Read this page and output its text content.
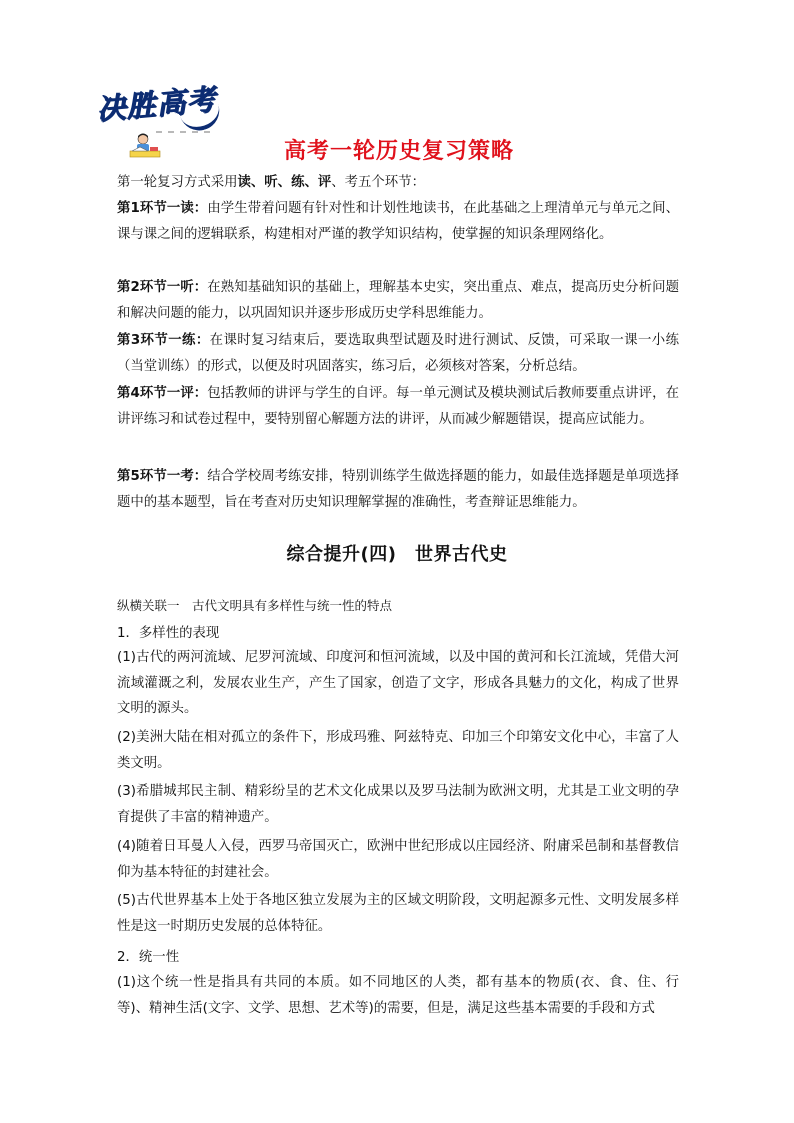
决胜高考
高考一轮历史复习策略

第一轮复习方式采用读、听、练、评、考五个环节：

第1环节一读：由学生带着问题有针对性和计划性地读书，在此基础之上理清单元与单元之间、课与课之间的逻辑联系，构建相对严谨的教学知识结构，使掌握的知识条理网络化。

第2环节一听：在熟知基础知识的基础上，理解基本史实，突出重点、难点，提高历史分析问题和解决问题的能力，以巩固知识并逐步形成历史学科思维能力。

第3环节一练：在课时复习结束后，要选取典型试题及时进行测试、反馈，可采取一课一小练（当堂训练）的形式，以便及时巩固落实，练习后，必须核对答案，分析总结。

第4环节一评：包括教师的讲评与学生的自评。每一单元测试及模块测试后教师要重点讲评，在讲评练习和试卷过程中，要特别留心解题方法的讲评，从而减少解题错误，提高应试能力。

第5环节一考：结合学校周考练安排，特别训练学生做选择题的能力，如最佳选择题是单项选择题中的基本题型，旨在考查对历史知识理解掌握的准确性，考查辩证思维能力。

综合提升(四)　世界古代史
纵横关联一　古代文明具有多样性与统一性的特点
1．多样性的表现

(1)古代的两河流域、尼罗河流域、印度河和恒河流域，以及中国的黄河和长江流域，凭借大河流域灌溉之利，发展农业生产，产生了国家，创造了文字，形成各具魅力的文化，构成了世界文明的源头。

(2)美洲大陆在相对孤立的条件下，形成玛雅、阿兹特克、印加三个印第安文化中心，丰富了人类文明。

(3)希腊城邦民主制、精彩纷呈的艺术文化成果以及罗马法制为欧洲文明，尤其是工业文明的孕育提供了丰富的精神遗产。

(4)随着日耳曼人入侵，西罗马帝国灭亡，欧洲中世纪形成以庄园经济、附庸采邑制和基督教信仰为基本特征的封建社会。

(5)古代世界基本上处于各地区独立发展为主的区域文明阶段，文明起源多元性、文明发展多样性是这一时期历史发展的总体特征。

2．统一性

(1)这个统一性是指具有共同的本质。如不同地区的人类，都有基本的物质(衣、食、住、行等)、精神生活(文字、文学、思想、艺术等)的需要，但是，满足这些基本需要的手段和方式
